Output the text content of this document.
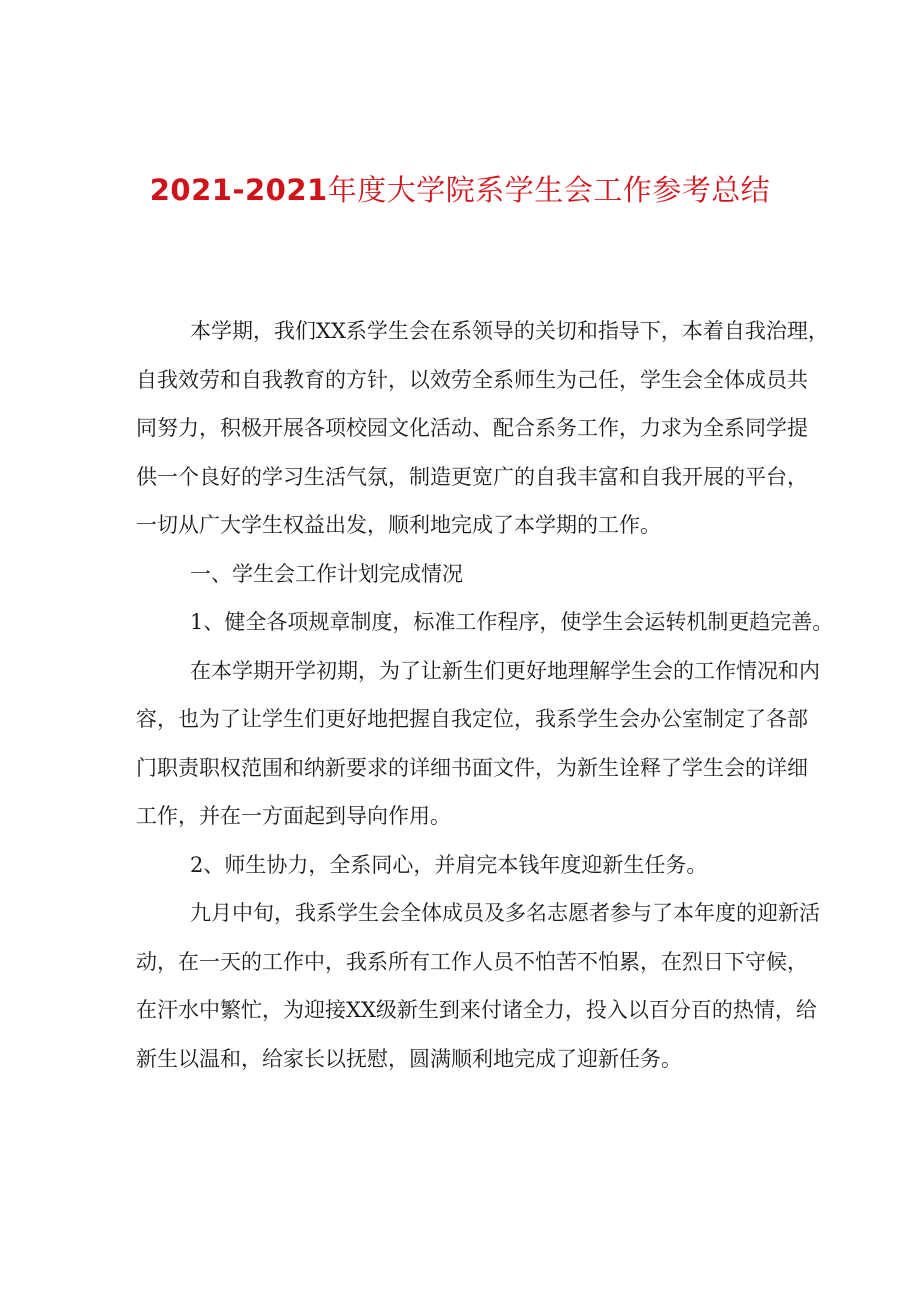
2021-2021年度大学院系学生会工作参考总结
本学期，我们XX系学生会在系领导的关切和指导下，本着自我治理，
自我效劳和自我教育的方针，以效劳全系师生为己任，学生会全体成员共
同努力，积极开展各项校园文化活动、配合系务工作，力求为全系同学提
供一个良好的学习生活气氛，制造更宽广的自我丰富和自我开展的平台，
一切从广大学生权益出发，顺利地完成了本学期的工作。
一、学生会工作计划完成情况
1、健全各项规章制度，标准工作程序，使学生会运转机制更趋完善。
在本学期开学初期，为了让新生们更好地理解学生会的工作情况和内
容，也为了让学生们更好地把握自我定位，我系学生会办公室制定了各部
门职责职权范围和纳新要求的详细书面文件，为新生诠释了学生会的详细
工作，并在一方面起到导向作用。
2、师生协力，全系同心，并肩完本钱年度迎新生任务。
九月中旬，我系学生会全体成员及多名志愿者参与了本年度的迎新活
动，在一天的工作中，我系所有工作人员不怕苦不怕累，在烈日下守候，
在汗水中繁忙，为迎接XX级新生到来付诸全力，投入以百分百的热情，给
新生以温和，给家长以抚慰，圆满顺利地完成了迎新任务。
